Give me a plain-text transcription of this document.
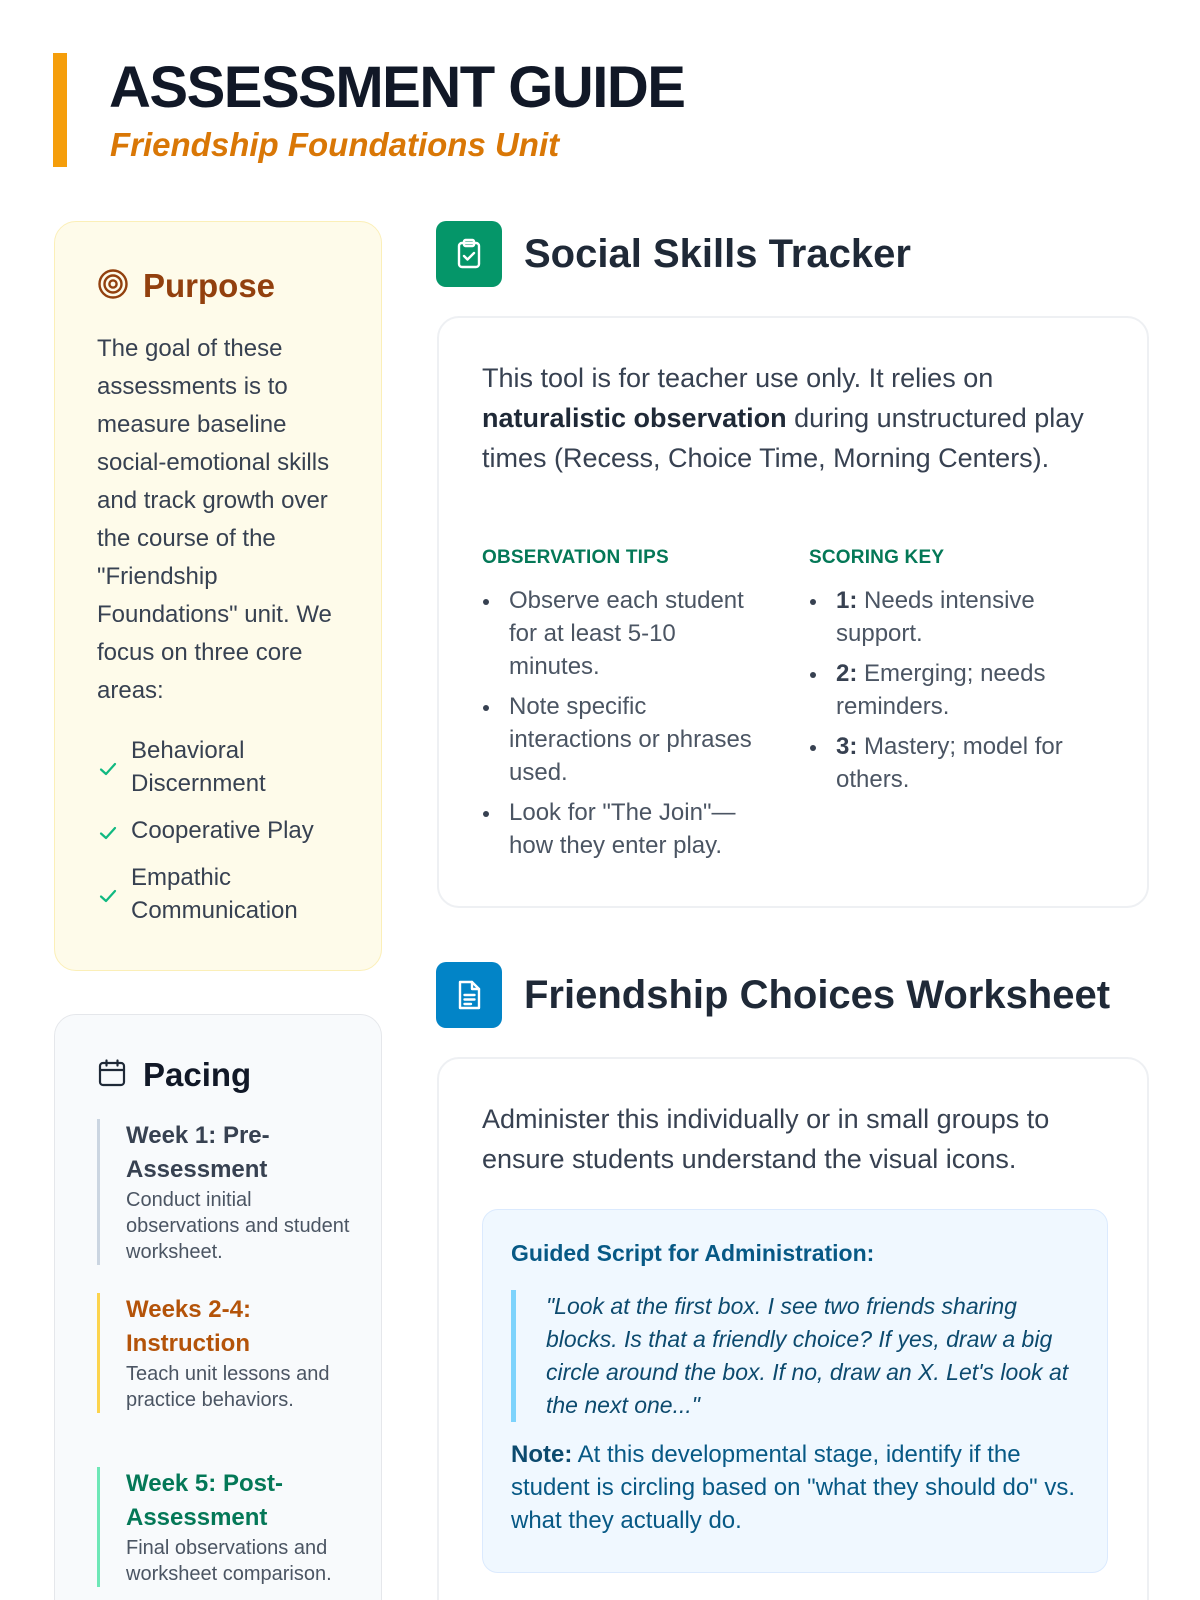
ASSESSMENT GUIDE
Friendship Foundations Unit
Purpose

The goal of these assessments is to measure baseline social-emotional skills and track growth over the course of the "Friendship Foundations" unit. We focus on three core areas:

Behavioral Discernment
Cooperative Play
Empathic Communication
Pacing
Week 1: Pre-Assessment
Conduct initial observations and student worksheet.
Weeks 2-4: Instruction
Teach unit lessons and practice behaviors.
Week 5: Post-Assessment
Final observations and worksheet comparison.
Social Skills Tracker

This tool is for teacher use only. It relies on naturalistic observation during unstructured play times (Recess, Choice Time, Morning Centers).

OBSERVATION TIPS
Observe each student for at least 5-10 minutes.
Note specific interactions or phrases used.
Look for "The Join"—how they enter play.
SCORING KEY
1: Needs intensive support.
2: Emerging; needs reminders.
3: Mastery; model for others.
Friendship Choices Worksheet

Administer this individually or in small groups to ensure students understand the visual icons.

Guided Script for Administration:
"Look at the first box. I see two friends sharing blocks. Is that a friendly choice? If yes, draw a big circle around the box. If no, draw an X. Let's look at the next one..."

Note: At this developmental stage, identify if the student is circling based on "what they should do" vs. what they actually do.
